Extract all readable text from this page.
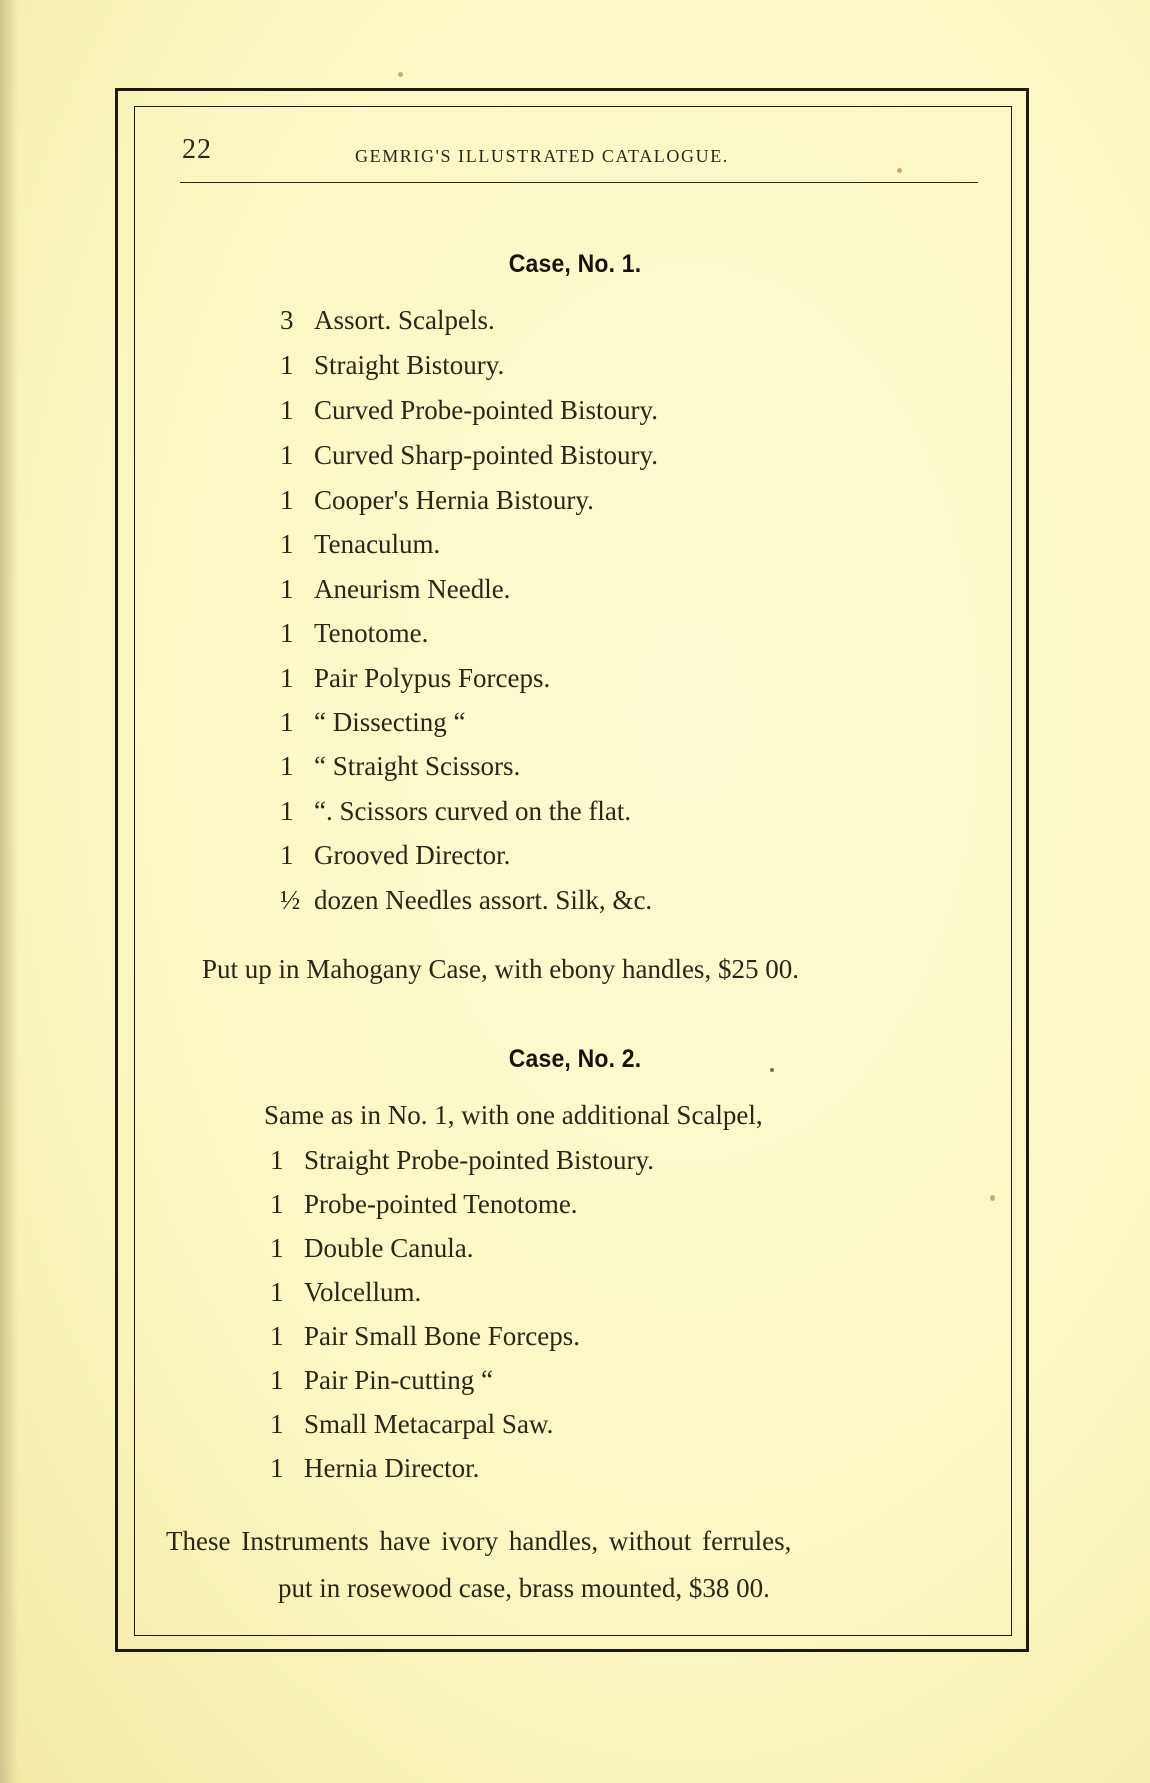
22	GEMRIG'S ILLUSTRATED CATALOGUE.
Case, No. 1.
3 Assort. Scalpels.
1 Straight Bistoury.
1 Curved Probe-pointed Bistoury.
1 Curved Sharp-pointed Bistoury.
1 Cooper's Hernia Bistoury.
1 Tenaculum.
1 Aneurism Needle.
1 Tenotome.
1 Pair Polypus Forceps.
1 “ Dissecting “
1 “ Straight Scissors.
1 “. Scissors curved on the flat.
1 Grooved Director.
½ dozen Needles assort. Silk, &c.
Put up in Mahogany Case, with ebony handles, $25 00.
Case, No. 2.
Same as in No. 1, with one additional Scalpel,
1 Straight Probe-pointed Bistoury.
1 Probe-pointed Tenotome.
1 Double Canula.
1 Volcellum.
1 Pair Small Bone Forceps.
1 Pair Pin-cutting “
1 Small Metacarpal Saw.
1 Hernia Director.
These Instruments have ivory handles, without ferrules,
put in rosewood case, brass mounted, $38 00.
